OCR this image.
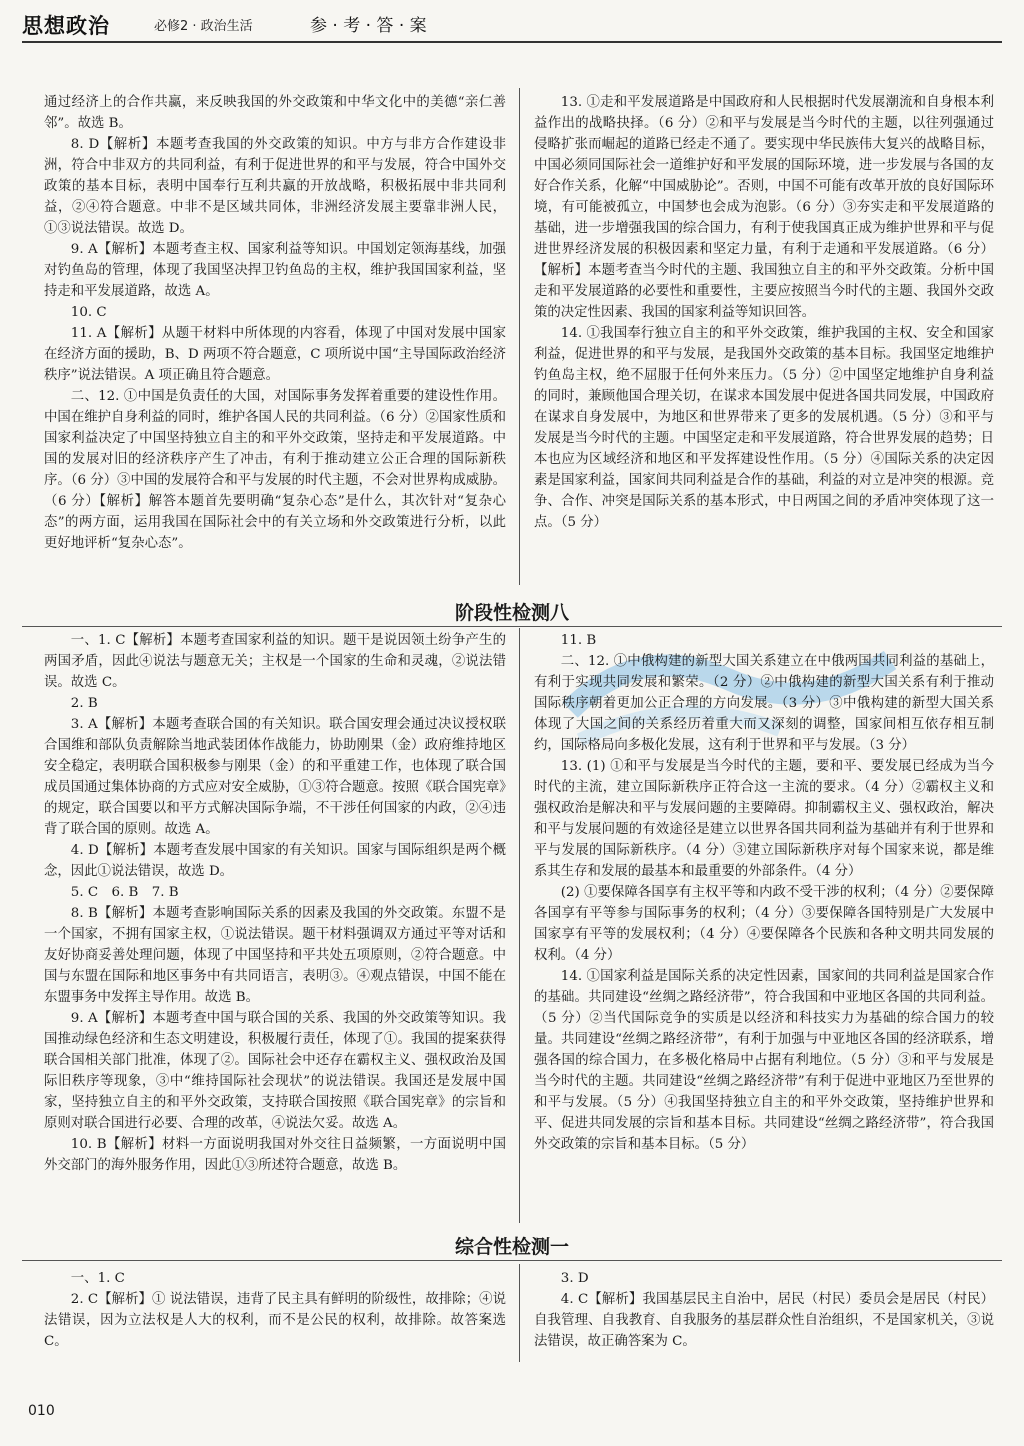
思想政治	必修2 · 政治生活	参 · 考 · 答 · 案

通过经济上的合作共赢，来反映我国的外交政策和中华文化中的美德“亲仁善邻”。故选 B。

8. D【解析】本题考查我国的外交政策的知识。中方与非方合作建设非洲，符合中非双方的共同利益，有利于促进世界的和平与发展，符合中国外交政策的基本目标，表明中国奉行互利共赢的开放战略，积极拓展中非共同利益，②④符合题意。中非不是区域共同体，非洲经济发展主要靠非洲人民，①③说法错误。故选 D。

9. A【解析】本题考查主权、国家利益等知识。中国划定领海基线，加强对钓鱼岛的管理，体现了我国坚决捍卫钓鱼岛的主权，维护我国国家利益，坚持走和平发展道路，故选 A。

10. C

11. A【解析】从题干材料中所体现的内容看，体现了中国对发展中国家在经济方面的援助，B、D 两项不符合题意，C 项所说中国“主导国际政治经济秩序”说法错误。A 项正确且符合题意。

二、12. ①中国是负责任的大国，对国际事务发挥着重要的建设性作用。中国在维护自身利益的同时，维护各国人民的共同利益。（6 分）②国家性质和国家利益决定了中国坚持独立自主的和平外交政策，坚持走和平发展道路。中国的发展对旧的经济秩序产生了冲击，有利于推动建立公正合理的国际新秩序。（6 分）③中国的发展符合和平与发展的时代主题，不会对世界构成威胁。（6 分）【解析】解答本题首先要明确“复杂心态”是什么，其次针对“复杂心态”的两方面，运用我国在国际社会中的有关立场和外交政策进行分析，以此更好地评析“复杂心态”。

13. ①走和平发展道路是中国政府和人民根据时代发展潮流和自身根本利益作出的战略抉择。（6 分）②和平与发展是当今时代的主题，以往列强通过侵略扩张而崛起的道路已经走不通了。要实现中华民族伟大复兴的战略目标，中国必须同国际社会一道维护好和平发展的国际环境，进一步发展与各国的友好合作关系，化解“中国威胁论”。否则，中国不可能有改革开放的良好国际环境，有可能被孤立，中国梦也会成为泡影。（6 分）③夯实走和平发展道路的基础，进一步增强我国的综合国力，有利于使我国真正成为维护世界和平与促进世界经济发展的积极因素和坚定力量，有利于走通和平发展道路。（6 分）【解析】本题考查当今时代的主题、我国独立自主的和平外交政策。分析中国走和平发展道路的必要性和重要性，主要应按照当今时代的主题、我国外交政策的决定性因素、我国的国家利益等知识回答。

14. ①我国奉行独立自主的和平外交政策，维护我国的主权、安全和国家利益，促进世界的和平与发展，是我国外交政策的基本目标。我国坚定地维护钓鱼岛主权，绝不屈服于任何外来压力。（5 分）②中国坚定地维护自身利益的同时，兼顾他国合理关切，在谋求本国发展中促进各国共同发展，中国政府在谋求自身发展中，为地区和世界带来了更多的发展机遇。（5 分）③和平与发展是当今时代的主题。中国坚定走和平发展道路，符合世界发展的趋势；日本也应为区域经济和地区和平发挥建设性作用。（5 分）④国际关系的决定因素是国家利益，国家间共同利益是合作的基础，利益的对立是冲突的根源。竞争、合作、冲突是国际关系的基本形式，中日两国之间的矛盾冲突体现了这一点。（5 分）

阶段性检测八

一、1. C【解析】本题考查国家利益的知识。题干是说因领土纷争产生的两国矛盾，因此④说法与题意无关；主权是一个国家的生命和灵魂，②说法错误。故选 C。

2. B

3. A【解析】本题考查联合国的有关知识。联合国安理会通过决议授权联合国维和部队负责解除当地武装团体作战能力，协助刚果（金）政府维持地区安全稳定，表明联合国积极参与刚果（金）的和平重建工作，也体现了联合国成员国通过集体协商的方式应对安全威胁，①③符合题意。按照《联合国宪章》的规定，联合国要以和平方式解决国际争端，不干涉任何国家的内政，②④违背了联合国的原则。故选 A。

4. D【解析】本题考查发展中国家的有关知识。国家与国际组织是两个概念，因此①说法错误，故选 D。

5. C　6. B　7. B

8. B【解析】本题考查影响国际关系的因素及我国的外交政策。东盟不是一个国家，不拥有国家主权，①说法错误。题干材料强调双方通过平等对话和友好协商妥善处理问题，体现了中国坚持和平共处五项原则，②符合题意。中国与东盟在国际和地区事务中有共同语言，表明③。④观点错误，中国不能在东盟事务中发挥主导作用。故选 B。

9. A【解析】本题考查中国与联合国的关系、我国的外交政策等知识。我国推动绿色经济和生态文明建设，积极履行责任，体现了①。我国的提案获得联合国相关部门批准，体现了②。国际社会中还存在霸权主义、强权政治及国际旧秩序等现象，③中“维持国际社会现状”的说法错误。我国还是发展中国家，坚持独立自主的和平外交政策，支持联合国按照《联合国宪章》的宗旨和原则对联合国进行必要、合理的改革，④说法欠妥。故选 A。

10. B【解析】材料一方面说明我国对外交往日益频繁，一方面说明中国外交部门的海外服务作用，因此①③所述符合题意，故选 B。

11. B

二、12. ①中俄构建的新型大国关系建立在中俄两国共同利益的基础上，有利于实现共同发展和繁荣。（2 分）②中俄构建的新型大国关系有利于推动国际秩序朝着更加公正合理的方向发展。（3 分）③中俄构建的新型大国关系体现了大国之间的关系经历着重大而又深刻的调整，国家间相互依存相互制约，国际格局向多极化发展，这有利于世界和平与发展。（3 分）

13. (1) ①和平与发展是当今时代的主题，要和平、要发展已经成为当今时代的主流，建立国际新秩序正符合这一主流的要求。（4 分）②霸权主义和强权政治是解决和平与发展问题的主要障碍。抑制霸权主义、强权政治，解决和平与发展问题的有效途径是建立以世界各国共同利益为基础并有利于世界和平与发展的国际新秩序。（4 分）③建立国际新秩序对每个国家来说，都是维系其生存和发展的最基本和最重要的外部条件。（4 分）

(2) ①要保障各国享有主权平等和内政不受干涉的权利；（4 分）②要保障各国享有平等参与国际事务的权利；（4 分）③要保障各国特别是广大发展中国家享有平等的发展权利；（4 分）④要保障各个民族和各种文明共同发展的权利。（4 分）

14. ①国家利益是国际关系的决定性因素，国家间的共同利益是国家合作的基础。共同建设“丝绸之路经济带”，符合我国和中亚地区各国的共同利益。（5 分）②当代国际竞争的实质是以经济和科技实力为基础的综合国力的较量。共同建设“丝绸之路经济带”，有利于加强与中亚地区各国的经济联系，增强各国的综合国力，在多极化格局中占据有利地位。（5 分）③和平与发展是当今时代的主题。共同建设“丝绸之路经济带”有利于促进中亚地区乃至世界的和平与发展。（5 分）④我国坚持独立自主的和平外交政策，坚持维护世界和平、促进共同发展的宗旨和基本目标。共同建设“丝绸之路经济带”，符合我国外交政策的宗旨和基本目标。（5 分）

综合性检测一

一、1. C

2. C【解析】① 说法错误，违背了民主具有鲜明的阶级性，故排除；④说法错误，因为立法权是人大的权利，而不是公民的权利，故排除。故答案选 C。

3. D

4. C【解析】我国基层民主自治中，居民（村民）委员会是居民（村民）自我管理、自我教育、自我服务的基层群众性自治组织，不是国家机关，③说法错误，故正确答案为 C。

010
